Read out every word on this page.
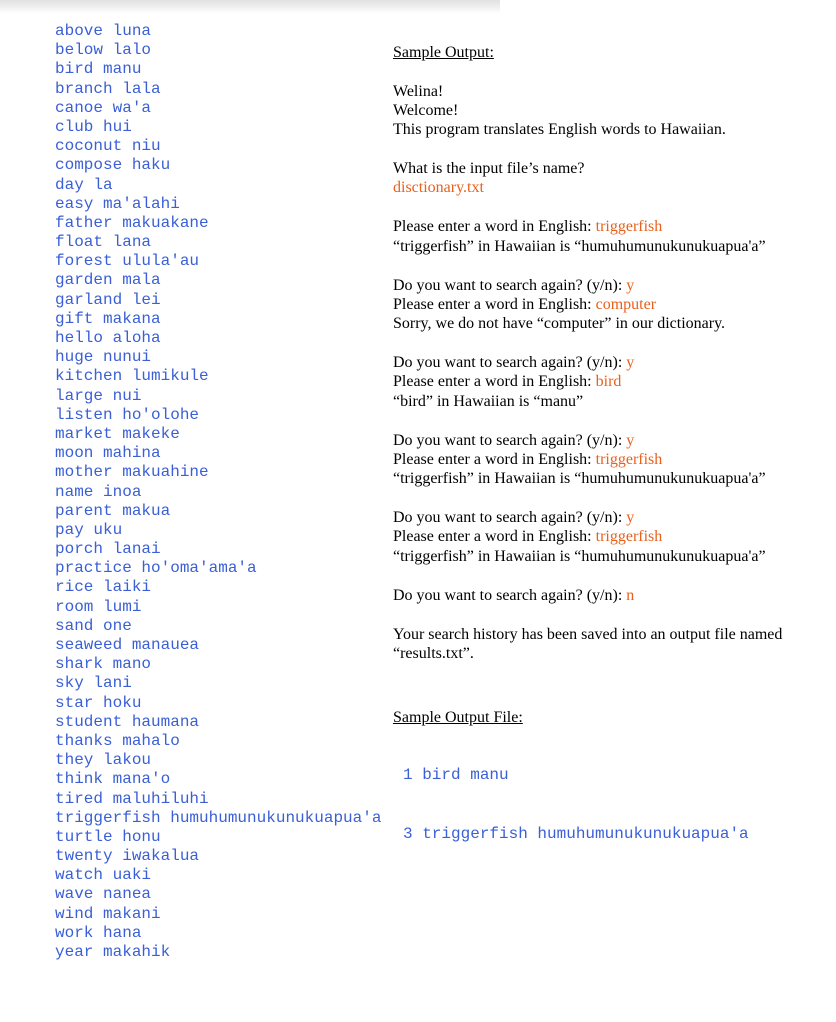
above luna
below lalo
bird manu
branch lala
canoe wa'a
club hui
coconut niu
compose haku
day la
easy ma'alahi
father makuakane
float lana
forest ulula'au
garden mala
garland lei
gift makana
hello aloha
huge nunui
kitchen lumikule
large nui
listen ho'olohe
market makeke
moon mahina
mother makuahine
name inoa
parent makua
pay uku
porch lanai
practice ho'oma'ama'a
rice laiki
room lumi
sand one
seaweed manauea
shark mano
sky lani
star hoku
student haumana
thanks mahalo
they lakou
think mana'o
tired maluhiluhi
triggerfish humuhumunukunukuapua'a
turtle honu
twenty iwakalua
watch uaki
wave nanea
wind makani
work hana
year makahik
Sample Output:
Welina!
Welcome!
This program translates English words to Hawaiian.
What is the input file’s name?
disctionary.txt
Please enter a word in English: triggerfish
“triggerfish” in Hawaiian is “humuhumunukunukuapua'a”
Do you want to search again? (y/n): y
Please enter a word in English: computer
Sorry, we do not have “computer” in our dictionary.
Do you want to search again? (y/n): y
Please enter a word in English: bird
“bird” in Hawaiian is “manu”
Do you want to search again? (y/n): y
Please enter a word in English: triggerfish
“triggerfish” in Hawaiian is “humuhumunukunukuapua'a”
Do you want to search again? (y/n): y
Please enter a word in English: triggerfish
“triggerfish” in Hawaiian is “humuhumunukunukuapua'a”
Do you want to search again? (y/n): n
Your search history has been saved into an output file named
“results.txt”.
Sample Output File:

1 bird manu

3 triggerfish humuhumunukunukuapua'a
